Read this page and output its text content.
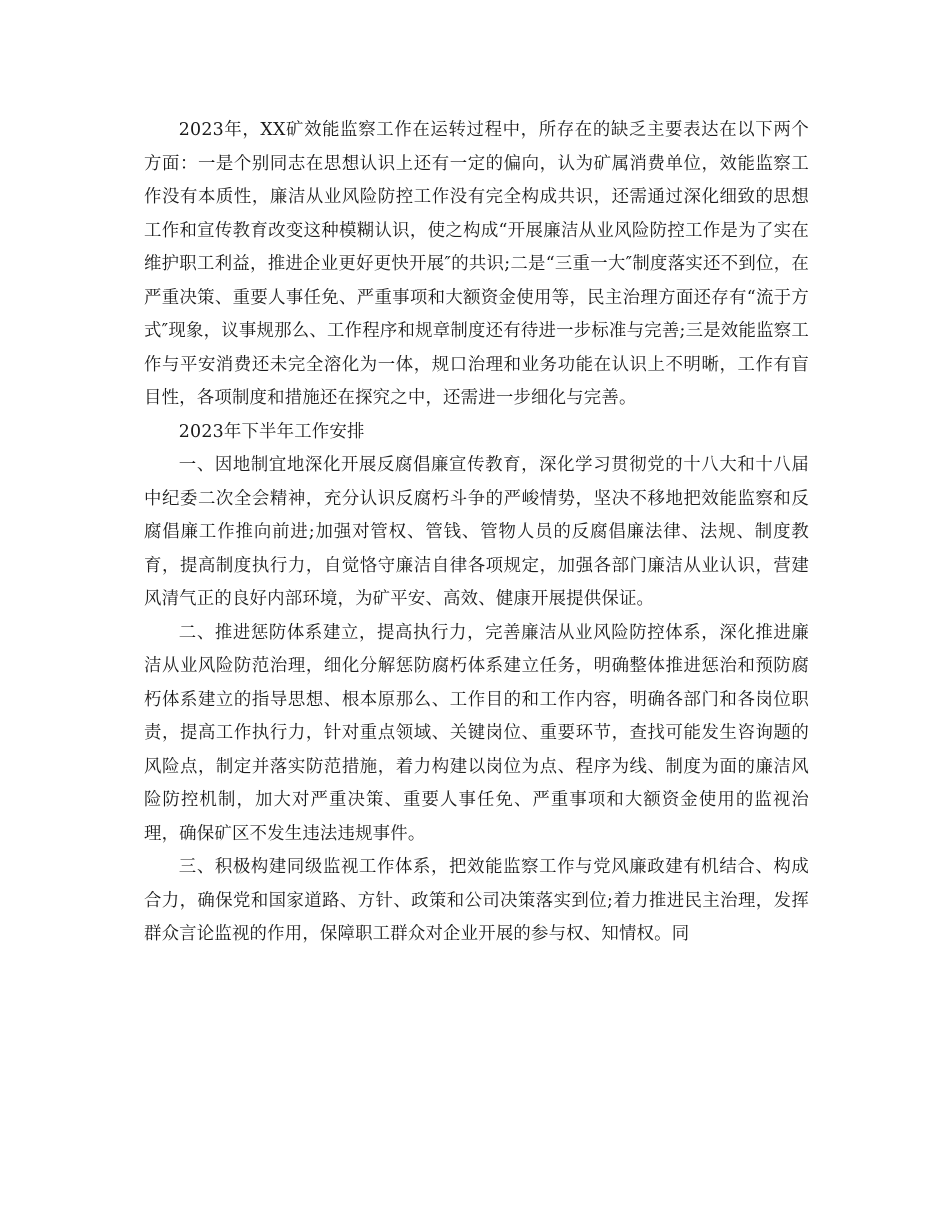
2023年，XX矿效能监察工作在运转过程中，所存在的缺乏主要表达在以下两个方面：一是个别同志在思想认识上还有一定的偏向，认为矿属消费单位，效能监察工作没有本质性，廉洁从业风险防控工作没有完全构成共识，还需通过深化细致的思想工作和宣传教育改变这种模糊认识，使之构成“开展廉洁从业风险防控工作是为了实在维护职工利益，推进企业更好更快开展″的共识;二是“三重一大″制度落实还不到位，在严重决策、重要人事任免、严重事项和大额资金使用等，民主治理方面还存有“流于方式″现象，议事规那么、工作程序和规章制度还有待进一步标准与完善;三是效能监察工作与平安消费还未完全溶化为一体，规口治理和业务功能在认识上不明晰，工作有盲目性，各项制度和措施还在探究之中，还需进一步细化与完善。

2023年下半年工作安排

一、因地制宜地深化开展反腐倡廉宣传教育，深化学习贯彻党的十八大和十八届中纪委二次全会精神，充分认识反腐朽斗争的严峻情势，坚决不移地把效能监察和反腐倡廉工作推向前进;加强对管权、管钱、管物人员的反腐倡廉法律、法规、制度教育，提高制度执行力，自觉恪守廉洁自律各项规定，加强各部门廉洁从业认识，营建风清气正的良好内部环境，为矿平安、高效、健康开展提供保证。

二、推进惩防体系建立，提高执行力，完善廉洁从业风险防控体系，深化推进廉洁从业风险防范治理，细化分解惩防腐朽体系建立任务，明确整体推进惩治和预防腐朽体系建立的指导思想、根本原那么、工作目的和工作内容，明确各部门和各岗位职责，提高工作执行力，针对重点领域、关键岗位、重要环节，查找可能发生咨询题的风险点，制定并落实防范措施，着力构建以岗位为点、程序为线、制度为面的廉洁风险防控机制，加大对严重决策、重要人事任免、严重事项和大额资金使用的监视治理，确保矿区不发生违法违规事件。

三、积极构建同级监视工作体系，把效能监察工作与党风廉政建有机结合、构成合力，确保党和国家道路、方针、政策和公司决策落实到位;着力推进民主治理，发挥群众言论监视的作用，保障职工群众对企业开展的参与权、知情权。同
